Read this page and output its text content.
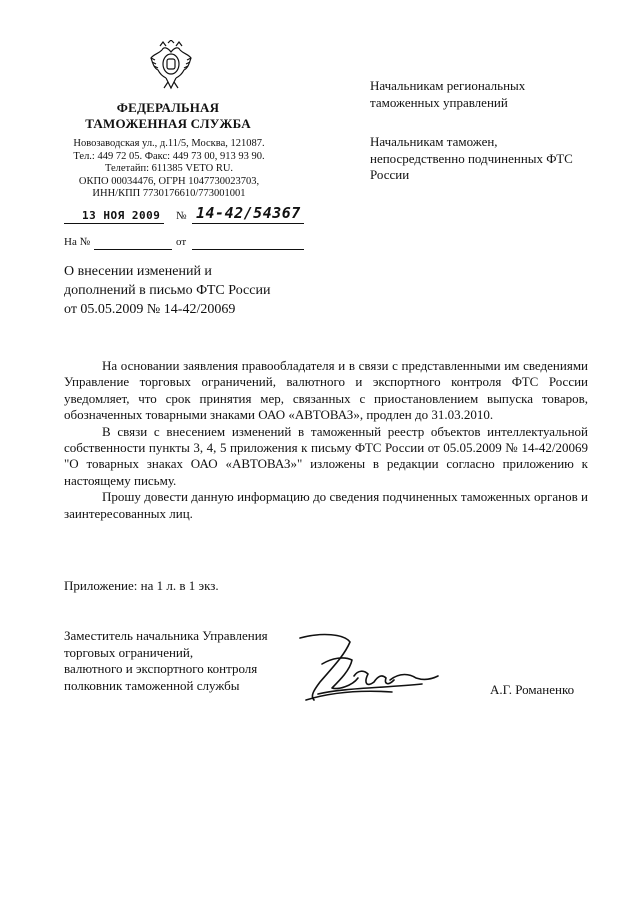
ФЕДЕРАЛЬНАЯ
ТАМОЖЕННАЯ СЛУЖБА
Новозаводская ул., д.11/5, Москва, 121087.
Тел.: 449 72 05. Факс: 449 73 00, 913 93 90.
Телетайп: 611385 VETO RU.
ОКПО 00034476, ОГРН 1047730023703,
ИНН/КПП 7730176610/773001001
13 НОЯ 2009 № 14-42/54367
На №	от
О внесении изменений и
дополнений в письмо ФТС России
от 05.05.2009 № 14-42/20069

Начальникам региональных таможенных управлений

Начальникам таможен, непосредственно подчиненных ФТС России

На основании заявления правообладателя и в связи с представленными им сведениями Управление торговых ограничений, валютного и экспортного контроля ФТС России уведомляет, что срок принятия мер, связанных с приостановлением выпуска товаров, обозначенных товарными знаками ОАО «АВТОВАЗ», продлен до 31.03.2010.

В связи с внесением изменений в таможенный реестр объектов интеллектуальной собственности пункты 3, 4, 5 приложения к письму ФТС России от 05.05.2009 № 14-42/20069 "О товарных знаках ОАО «АВТОВАЗ»" изложены в редакции согласно приложению к настоящему письму.

Прошу довести данную информацию до сведения подчиненных таможенных органов и заинтересованных лиц.

Приложение: на 1 л. в 1 экз.
Заместитель начальника Управления
торговых ограничений,
валютного и экспортного контроля
полковник таможенной службы	А.Г. Романенко
